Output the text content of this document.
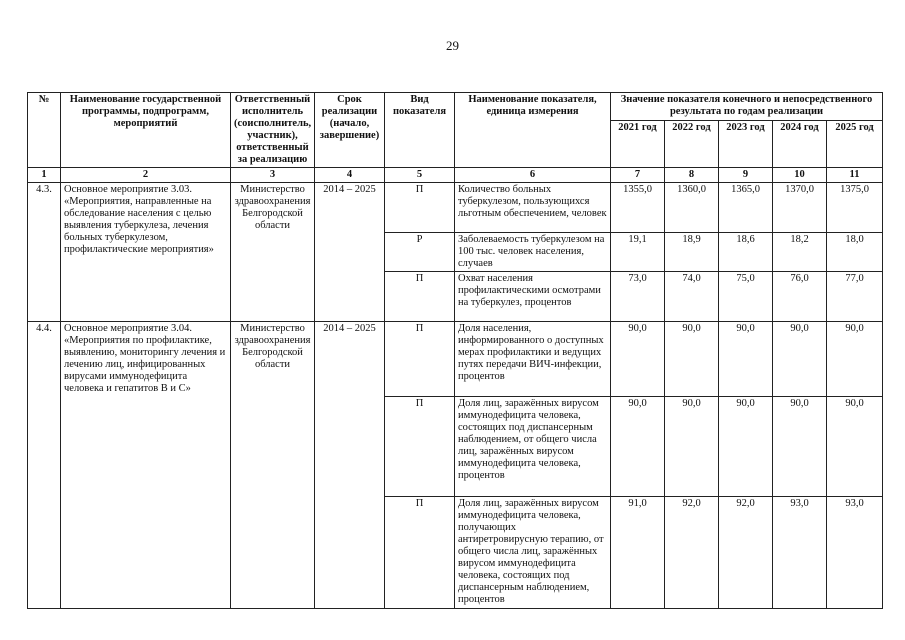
29
№	Наименование государственной программы, подпрограмм, мероприятий	Ответственный исполнитель (соисполнитель, участник), ответственный за реализацию	Срок реализации (начало, завершение)	Вид показателя	Наименование показателя, единица измерения	Значение показателя конечного и непосредственного результата по годам реализации				
						2021 год	2022 год	2023 год	2024 год	2025 год
1	2	3	4	5	6	7	8	9	10	11
4.3.	Основное мероприятие 3.03. «Мероприятия, направленные на обследование населения с целью выявления туберкулеза, лечения больных туберкулезом, профилактические мероприятия»	Министерство здравоохранения Белгородской области	2014 – 2025	П	Количество больных туберкулезом, пользующихся льготным обеспечением, человек	1355,0	1360,0	1365,0	1370,0	1375,0
				Р	Заболеваемость туберкулезом на 100 тыс. человек населения, случаев	19,1	18,9	18,6	18,2	18,0
				П	Охват населения профилактическими осмотрами на туберкулез, процентов	73,0	74,0	75,0	76,0	77,0
4.4.	Основное мероприятие 3.04. «Мероприятия по профилактике, выявлению, мониторингу лечения и лечению лиц, инфицированных вирусами иммунодефицита человека и гепатитов В и С»	Министерство здравоохранения Белгородской области	2014 – 2025	П	Доля населения, информированного о доступных мерах профилактики и ведущих путях передачи ВИЧ-инфекции, процентов	90,0	90,0	90,0	90,0	90,0
				П	Доля лиц, заражённых вирусом иммунодефицита человека, состоящих под диспансерным наблюдением, от общего числа лиц, заражённых вирусом иммунодефицита человека, процентов	90,0	90,0	90,0	90,0	90,0
				П	Доля лиц, заражённых вирусом иммунодефицита человека, получающих антиретровирусную терапию, от общего числа лиц, заражённых вирусом иммунодефицита человека, состоящих под диспансерным наблюдением, процентов	91,0	92,0	92,0	93,0	93,0
